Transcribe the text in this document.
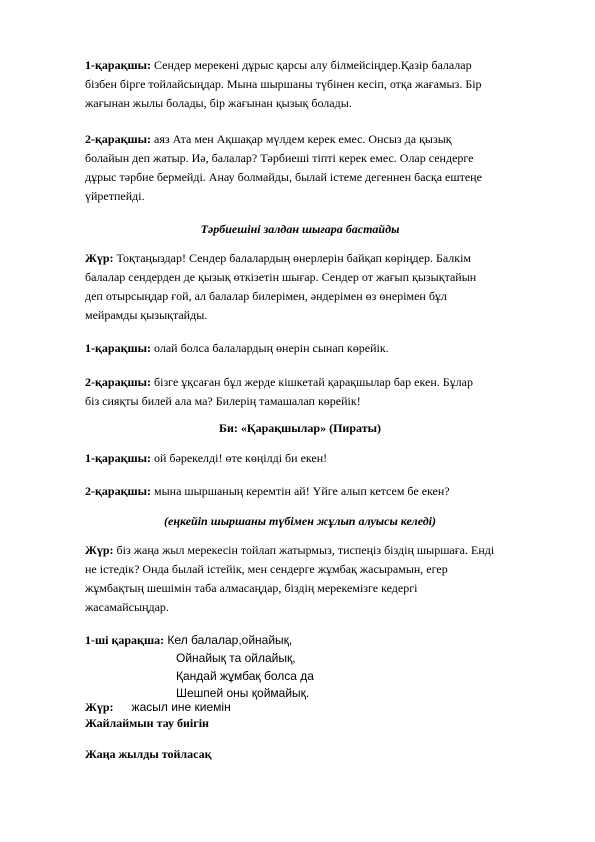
1-қарақшы: Сендер мерекені дұрыс қарсы алу білмейсіңдер.Қазір балалар
бізбен бірге тойлайсыңдар. Мына шыршаны түбінен кесіп, отқа жағамыз. Бір
жағынан жылы болады, бір жағынан қызық болады.
2-қарақшы: аяз Ата мен Ақшақар мүлдем керек емес. Онсыз да қызық
болайын деп жатыр. Иә, балалар? Тәрбиеші тіпті керек емес. Олар сендерге
дұрыс тәрбие бермейді. Анау болмайды, былай істеме дегеннен басқа ештеңе
үйретпейді.
Тәрбиешіні залдан шығара бастайды
Жүр: Тоқтаңыздар! Сендер балалардың өнерлерін байқап көріңдер. Балкім
балалар сендерден де қызық өткізетін шығар. Сендер от жағып қызықтайын
деп отырсыңдар ғой, ал балалар билерімен, әндерімен өз өнерімен бұл
мейрамды қызықтайды.
1-қарақшы: олай болса балалардың өнерін сынап көрейік.
2-қарақшы: бізге ұқсаған бұл жерде кішкетай қарақшылар бар екен. Бұлар
біз сияқты билей ала ма? Билерің тамашалап көрейік!
Би: «Қарақшылар» (Пираты)
1-қарақшы: ой бәрекелді! өте көңілді би екен!
2-қарақшы: мына шыршаның керемтін ай! Үйге алып кетсем бе екен?
(еңкейіп шыршаны түбімен жұлып алуысы келеді)
Жүр: біз жаңа жыл мерекесін тойлап жатырмыз, тиспеңіз біздің шыршаға. Енді
не істедік? Онда былай істейік, мен сендерге жұмбақ жасырамын, егер
жұмбақтың шешімін таба алмасаңдар, біздің мерекемізге кедергі
жасамайсыңдар.
1-ші қарақша: Кел балалар,ойнайық,
Ойнайық та ойлайық,
Қандай жұмбақ болса да
Шешпей оны қоймайық.
Жүр: жасыл ине киемін
Жайлаймын тау биігін
Жаңа жылды тойласақ
